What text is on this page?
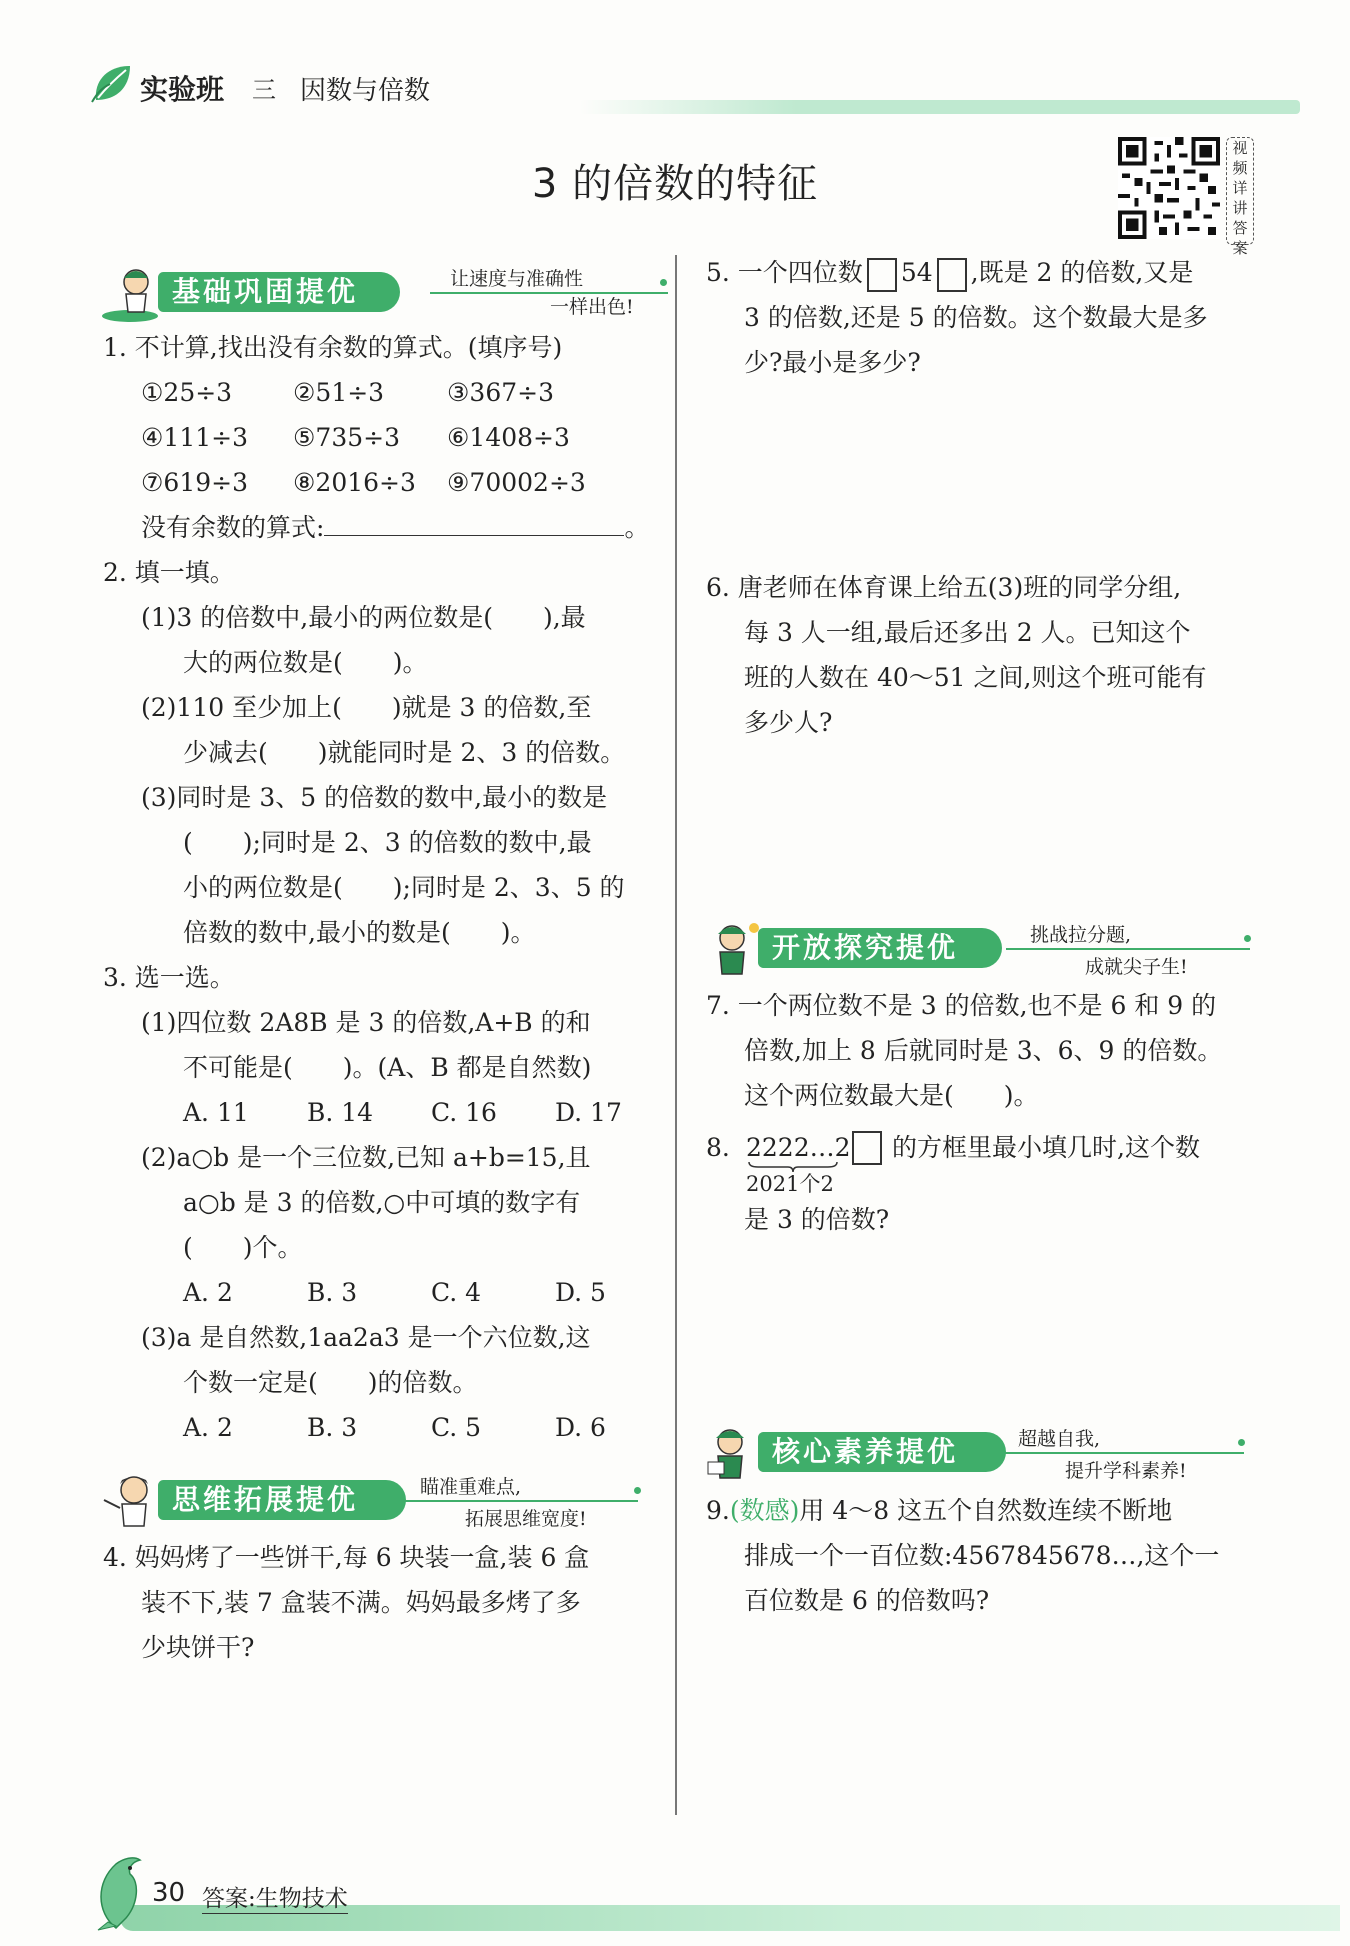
实验班 三 因数与倍数
3 的倍数的特征
视
频
详
讲
答
案
基础巩固提优	让速度与准确性
一样出色!
1. 不计算,找出没有余数的算式。(填序号)
①25÷3 ②51÷3	③367÷3
④111÷3 ⑤735÷3 ⑥1408÷3
⑦619÷3 ⑧2016÷3 ⑨70002÷3
没有余数的算式:	。
2. 填一填。
(1)3 的倍数中,最小的两位数是(　　),最
大的两位数是(　　)。
(2)110 至少加上(　　)就是 3 的倍数,至
少减去(　　)就能同时是 2、3 的倍数。
(3)同时是 3、5 的倍数的数中,最小的数是
(　　);同时是 2、3 的倍数的数中,最
小的两位数是(　　);同时是 2、3、5 的
倍数的数中,最小的数是(　　)。
3. 选一选。
(1)四位数 2A8B 是 3 的倍数,A+B 的和
不可能是(　　)。(A、B 都是自然数)
A. 11 B. 14 C. 16 D. 17
(2)a○b 是一个三位数,已知 a+b=15,且
a○b 是 3 的倍数,○中可填的数字有
(　　)个。
A. 2	B. 3	C. 4	D. 5
(3)a 是自然数,1aa2a3 是一个六位数,这
个数一定是(　　)的倍数。
A. 2	B. 3	C. 5	D. 6
思维拓展提优	瞄准重难点,
拓展思维宽度!
4. 妈妈烤了一些饼干,每 6 块装一盒,装 6 盒
装不下,装 7 盒装不满。妈妈最多烤了多
少块饼干?
5. 一个四位数 54 ,既是 2 的倍数,又是
3 的倍数,还是 5 的倍数。这个数最大是多
少?最小是多少?
6. 唐老师在体育课上给五(3)班的同学分组,
每 3 人一组,最后还多出 2 人。已知这个
班的人数在 40～51 之间,则这个班可能有
多少人?
开放探究提优	挑战拉分题,
成就尖子生!
7. 一个两位数不是 3 的倍数,也不是 6 和 9 的
倍数,加上 8 后就同时是 3、6、9 的倍数。
这个两位数最大是(　　)。
8. 2222…2 的方框里最小填几时,这个数
2021个2
是 3 的倍数?
核心素养提优	超越自我,
提升学科素养!
9.(数感)用 4～8 这五个自然数连续不断地
排成一个一百位数:4567845678…,这个一
百位数是 6 的倍数吗?
30 答案:生物技术
